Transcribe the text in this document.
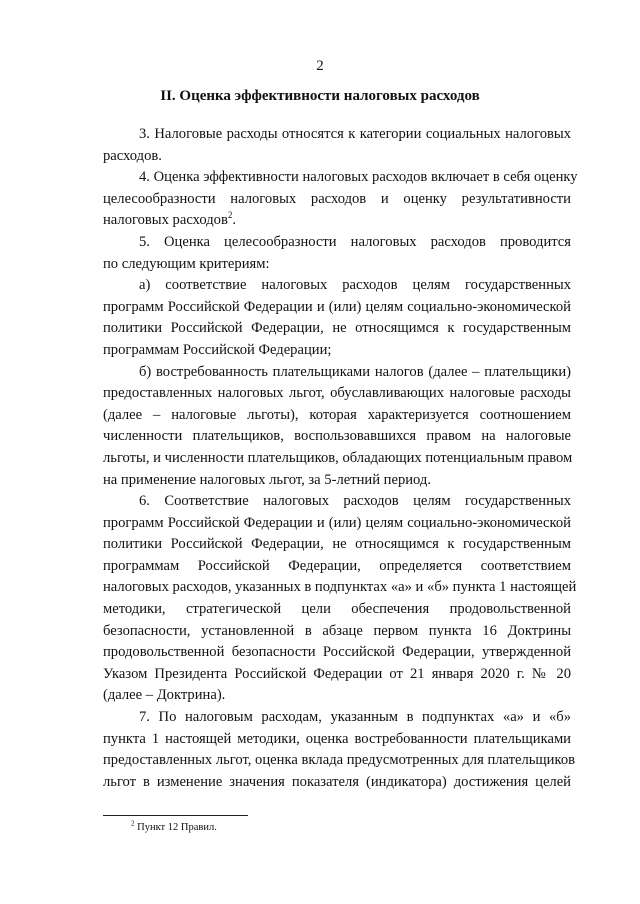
2
II. Оценка эффективности налоговых расходов
3. Налоговые расходы относятся к категории социальных налоговых
расходов.
4. Оценка эффективности налоговых расходов включает в себя оценку
целесообразности налоговых расходов и оценку результативности
налоговых расходов$^2$.
5. Оценка целесообразности налоговых расходов проводится
по следующим критериям:
а) соответствие налоговых расходов целям государственных
программ Российской Федерации и (или) целям социально-экономической
политики Российской Федерации, не относящимся к государственным
программам Российской Федерации;
б) востребованность плательщиками налогов (далее – плательщики)
предоставленных налоговых льгот, обуславливающих налоговые расходы
(далее – налоговые льготы), которая характеризуется соотношением
численности плательщиков, воспользовавшихся правом на налоговые
льготы, и численности плательщиков, обладающих потенциальным правом
на применение налоговых льгот, за 5-летний период.
6. Соответствие налоговых расходов целям государственных
программ Российской Федерации и (или) целям социально-экономической
политики Российской Федерации, не относящимся к государственным
программам Российской Федерации, определяется соответствием
налоговых расходов, указанных в подпунктах «а» и «б» пункта 1 настоящей
методики, стратегической цели обеспечения продовольственной
безопасности, установленной в абзаце первом пункта 16 Доктрины
продовольственной безопасности Российской Федерации, утвержденной
Указом Президента Российской Федерации от 21 января 2020 г. № 20
(далее – Доктрина).
7. По налоговым расходам, указанным в подпунктах «а» и «б»
пункта 1 настоящей методики, оценка востребованности плательщиками
предоставленных льгот, оценка вклада предусмотренных для плательщиков
льгот в изменение значения показателя (индикатора) достижения целей
$^2$ Пункт 12 Правил.
